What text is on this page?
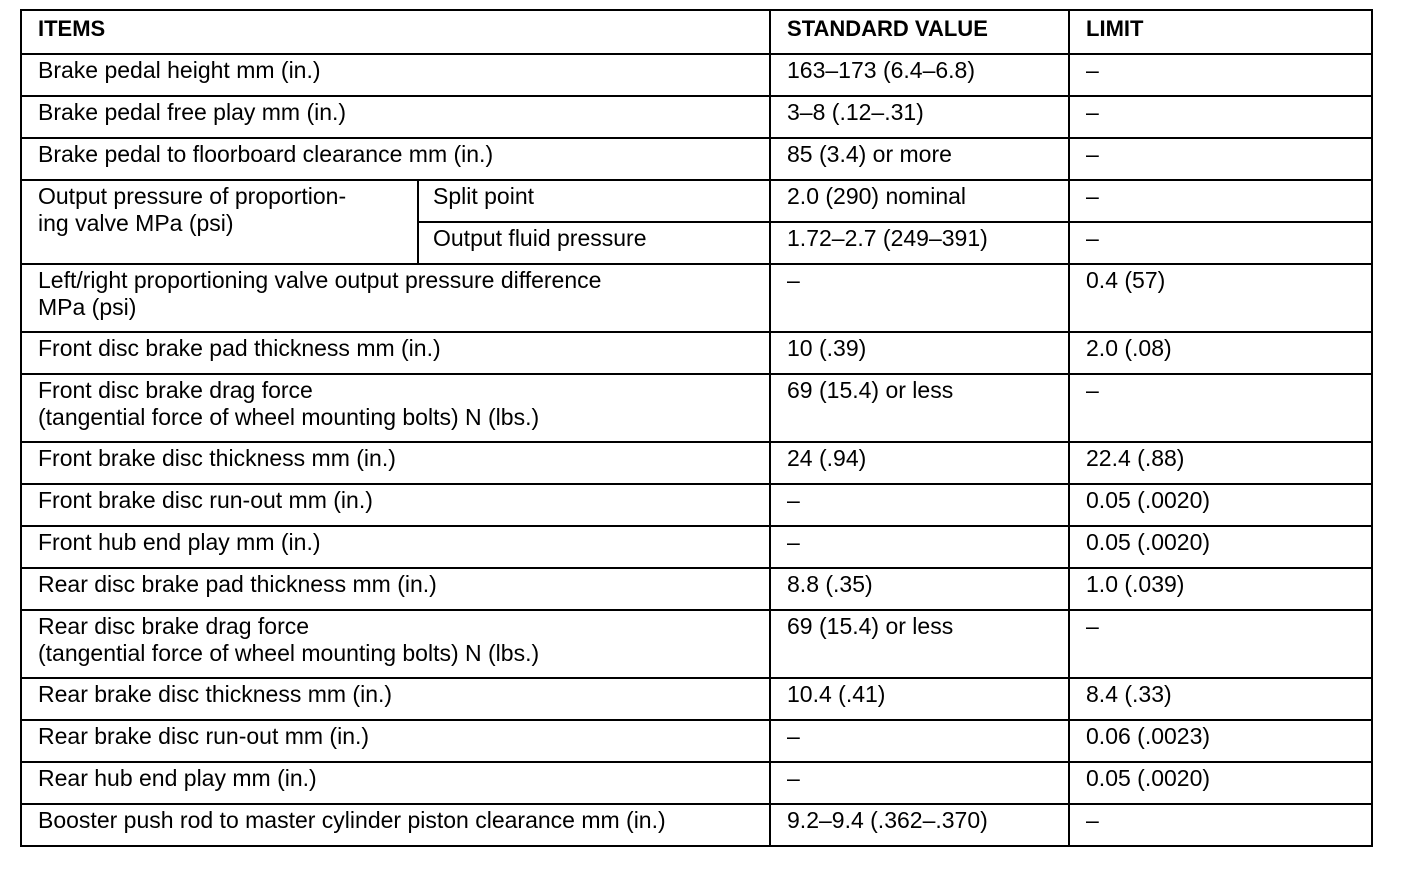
ITEMS		STANDARD VALUE	LIMIT
Brake pedal height mm (in.)		163–173 (6.4–6.8)	–
Brake pedal free play mm (in.)		3–8 (.12–.31)	–
Brake pedal to floorboard clearance mm (in.)		85 (3.4) or more	–
Output pressure of proportion-
ing valve MPa (psi)	Split point	2.0 (290) nominal	–
	Output fluid pressure	1.72–2.7 (249–391)	–
Left/right proportioning valve output pressure difference
MPa (psi)		–	0.4 (57)
Front disc brake pad thickness mm (in.)		10 (.39)	2.0 (.08)
Front disc brake drag force
(tangential force of wheel mounting bolts) N (lbs.)		69 (15.4) or less	–
Front brake disc thickness mm (in.)		24 (.94)	22.4 (.88)
Front brake disc run-out mm (in.)		–	0.05 (.0020)
Front hub end play mm (in.)		–	0.05 (.0020)
Rear disc brake pad thickness mm (in.)		8.8 (.35)	1.0 (.039)
Rear disc brake drag force
(tangential force of wheel mounting bolts) N (lbs.)		69 (15.4) or less	–
Rear brake disc thickness mm (in.)		10.4 (.41)	8.4 (.33)
Rear brake disc run-out mm (in.)		–	0.06 (.0023)
Rear hub end play mm (in.)		–	0.05 (.0020)
Booster push rod to master cylinder piston clearance mm (in.)		9.2–9.4 (.362–.370)	–
